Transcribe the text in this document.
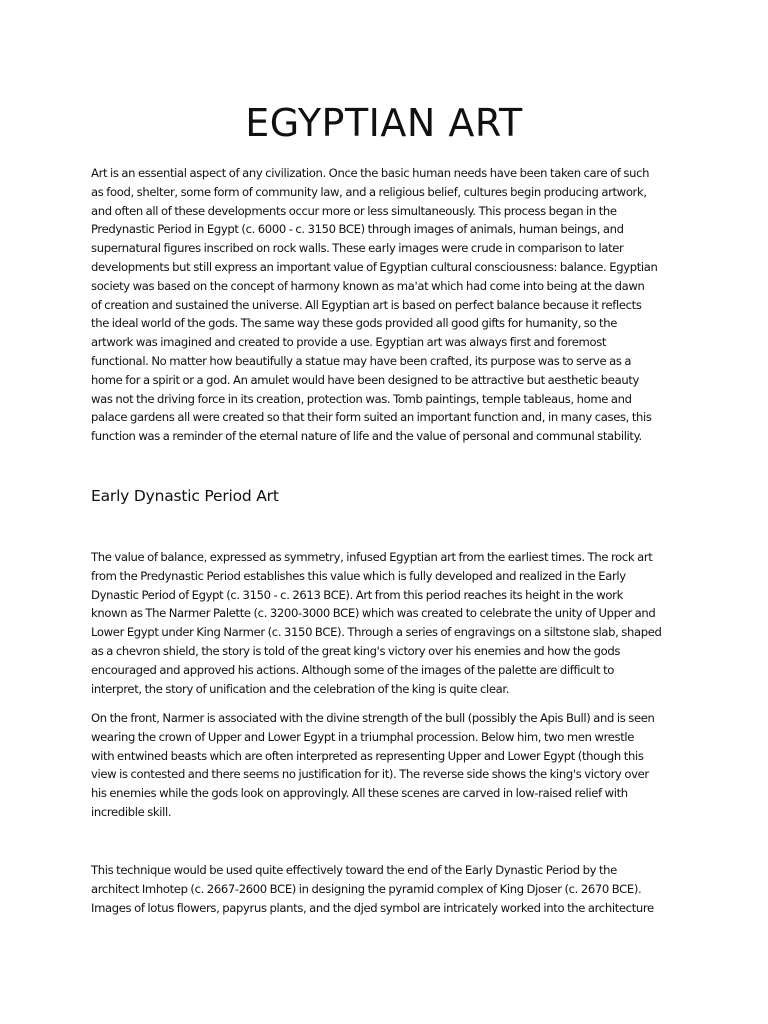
EGYPTIAN ART

Art is an essential aspect of any civilization. Once the basic human needs have been taken care of such
as food, shelter, some form of community law, and a religious belief, cultures begin producing artwork,
and often all of these developments occur more or less simultaneously. This process began in the
Predynastic Period in Egypt (c. 6000 - c. 3150 BCE) through images of animals, human beings, and
supernatural figures inscribed on rock walls. These early images were crude in comparison to later
developments but still express an important value of Egyptian cultural consciousness: balance. Egyptian
society was based on the concept of harmony known as ma'at which had come into being at the dawn
of creation and sustained the universe. All Egyptian art is based on perfect balance because it reflects
the ideal world of the gods. The same way these gods provided all good gifts for humanity, so the
artwork was imagined and created to provide a use. Egyptian art was always first and foremost
functional. No matter how beautifully a statue may have been crafted, its purpose was to serve as a
home for a spirit or a god. An amulet would have been designed to be attractive but aesthetic beauty
was not the driving force in its creation, protection was. Tomb paintings, temple tableaus, home and
palace gardens all were created so that their form suited an important function and, in many cases, this
function was a reminder of the eternal nature of life and the value of personal and communal stability.

Early Dynastic Period Art

The value of balance, expressed as symmetry, infused Egyptian art from the earliest times. The rock art
from the Predynastic Period establishes this value which is fully developed and realized in the Early
Dynastic Period of Egypt (c. 3150 - c. 2613 BCE). Art from this period reaches its height in the work
known as The Narmer Palette (c. 3200-3000 BCE) which was created to celebrate the unity of Upper and
Lower Egypt under King Narmer (c. 3150 BCE). Through a series of engravings on a siltstone slab, shaped
as a chevron shield, the story is told of the great king's victory over his enemies and how the gods
encouraged and approved his actions. Although some of the images of the palette are difficult to
interpret, the story of unification and the celebration of the king is quite clear.

On the front, Narmer is associated with the divine strength of the bull (possibly the Apis Bull) and is seen
wearing the crown of Upper and Lower Egypt in a triumphal procession. Below him, two men wrestle
with entwined beasts which are often interpreted as representing Upper and Lower Egypt (though this
view is contested and there seems no justification for it). The reverse side shows the king's victory over
his enemies while the gods look on approvingly. All these scenes are carved in low-raised relief with
incredible skill.

This technique would be used quite effectively toward the end of the Early Dynastic Period by the
architect Imhotep (c. 2667-2600 BCE) in designing the pyramid complex of King Djoser (c. 2670 BCE).
Images of lotus flowers, papyrus plants, and the djed symbol are intricately worked into the architecture
